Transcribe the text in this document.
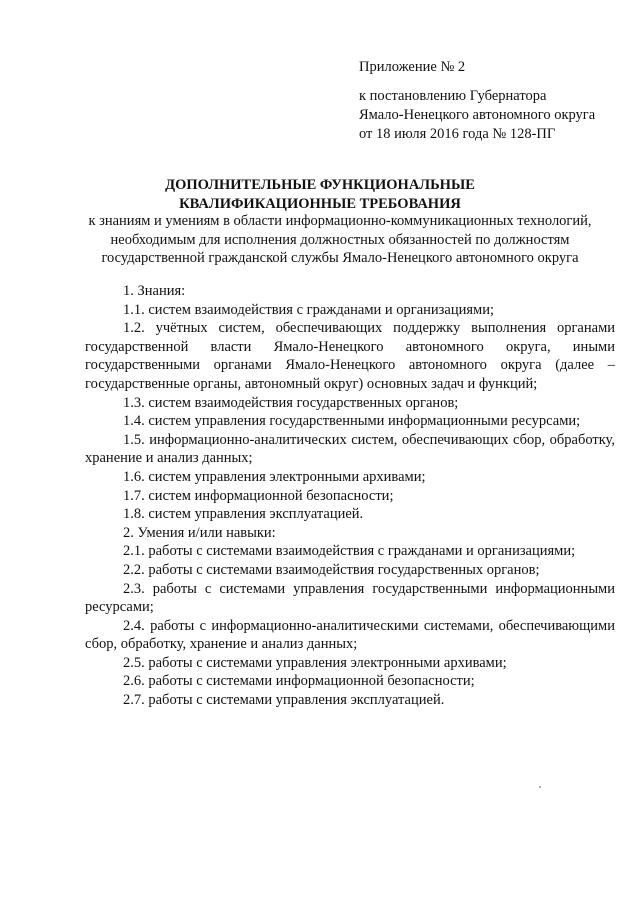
Приложение № 2
к постановлению Губернатора
Ямало-Ненецкого автономного округа
от 18 июля 2016 года № 128-ПГ
ДОПОЛНИТЕЛЬНЫЕ ФУНКЦИОНАЛЬНЫЕ
КВАЛИФИКАЦИОННЫЕ ТРЕБОВАНИЯ
к знаниям и умениям в области информационно-коммуникационных технологий,
необходимым для исполнения должностных обязанностей по должностям
государственной гражданской службы Ямало-Ненецкого автономного округа

1. Знания:

1.1. систем взаимодействия с гражданами и организациями;

1.2. учётных систем, обеспечивающих поддержку выполнения органами государственной власти Ямало-Ненецкого автономного округа, иными государственными органами Ямало-Ненецкого автономного округа (далее – государственные органы, автономный округ) основных задач и функций;

1.3. систем взаимодействия государственных органов;

1.4. систем управления государственными информационными ресурсами;

1.5. информационно-аналитических систем, обеспечивающих сбор, обработку, хранение и анализ данных;

1.6. систем управления электронными архивами;

1.7. систем информационной безопасности;

1.8. систем управления эксплуатацией.

2. Умения и/или навыки:

2.1. работы с системами взаимодействия с гражданами и организациями;

2.2. работы с системами взаимодействия государственных органов;

2.3. работы с системами управления государственными информационными ресурсами;

2.4. работы с информационно-аналитическими системами, обеспечивающими сбор, обработку, хранение и анализ данных;

2.5. работы с системами управления электронными архивами;

2.6. работы с системами информационной безопасности;

2.7. работы с системами управления эксплуатацией.
